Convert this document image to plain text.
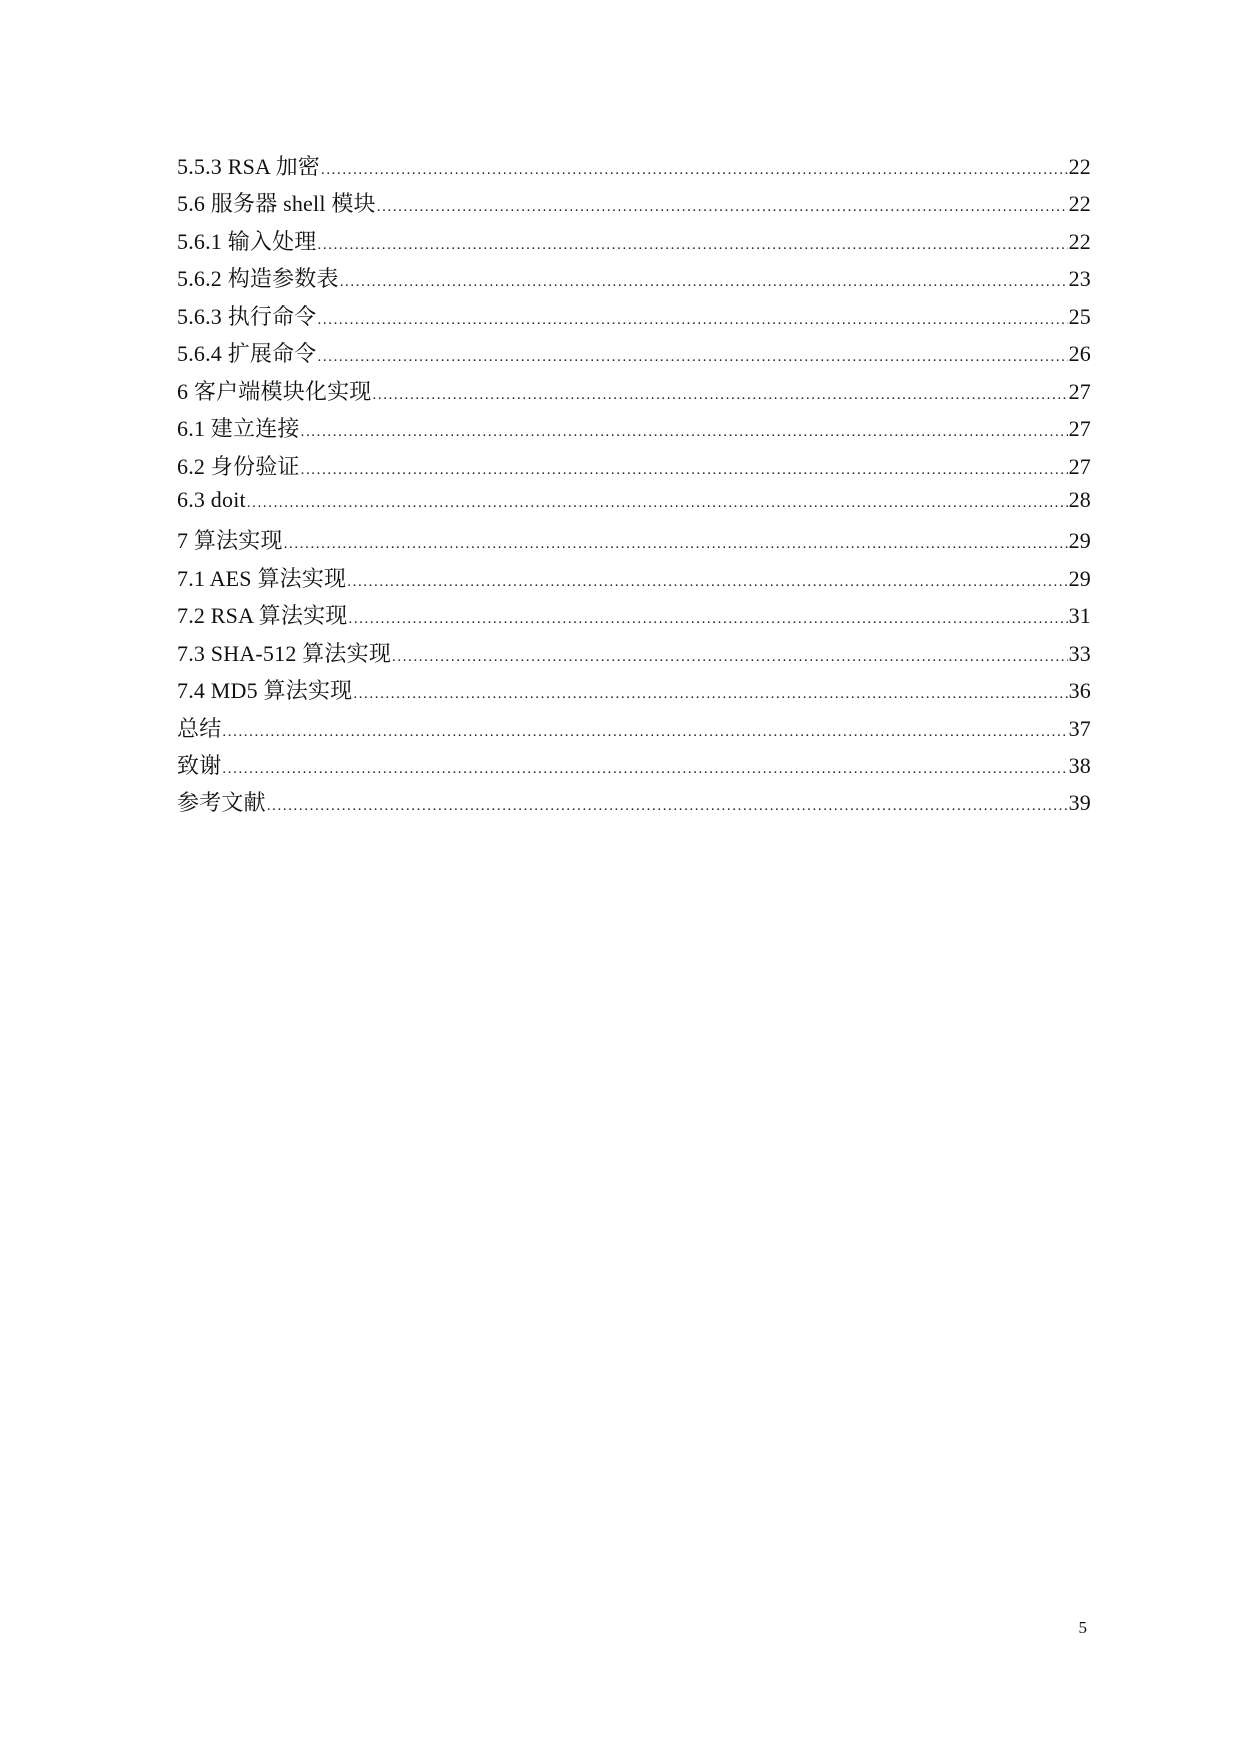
5.5.3 RSA 加密 .....	22
5.6 服务器 shell 模块 .....	22
5.6.1 输入处理 .....	22
5.6.2 构造参数表 .....	23
5.6.3 执行命令 .....	25
5.6.4 扩展命令 .....	26
6 客户端模块化实现 .....	27
6.1 建立连接 .....	27
6.2 身份验证 .....	27
6.3 doit .....	28
7 算法实现 .....	29
7.1 AES 算法实现 .....	29
7.2 RSA 算法实现 .....	31
7.3 SHA-512 算法实现 .....	33
7.4 MD5 算法实现 .....	36
总结 .....	37
致谢 .....	38
参考文献 .....	39
5
